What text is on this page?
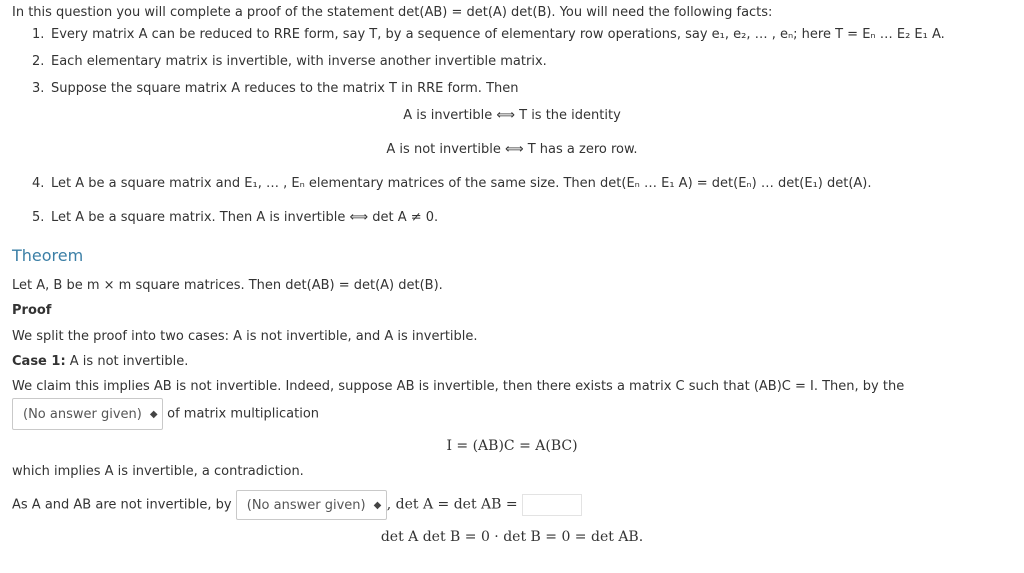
In this question you will complete a proof of the statement det(AB) = det(A) det(B). You will need the following facts:
1. Every matrix A can be reduced to RRE form, say T, by a sequence of elementary row operations, say e₁, e₂, … , eₙ; here T = Eₙ … E₂ E₁ A.
2. Each elementary matrix is invertible, with inverse another invertible matrix.
3. Suppose the square matrix A reduces to the matrix T in RRE form. Then
A is invertible ⟺ T is the identity
A is not invertible ⟺ T has a zero row.
4. Let A be a square matrix and E₁, … , Eₙ elementary matrices of the same size. Then det(Eₙ … E₁ A) = det(Eₙ) … det(E₁) det(A).
5. Let A be a square matrix. Then A is invertible ⟺ det A ≠ 0.
Theorem
Let A, B be m × m square matrices. Then det(AB) = det(A) det(B).
Proof
We split the proof into two cases: A is not invertible, and A is invertible.
Case 1: A is not invertible.
We claim this implies AB is not invertible. Indeed, suppose AB is invertible, then there exists a matrix C such that (AB)C = I. Then, by the
(No answer given) ◆ of matrix multiplication
I = (AB)C = A(BC)
which implies A is invertible, a contradiction.
As A and AB are not invertible, by (No answer given) ◆ , det A = det AB =
det A det B = 0 · det B = 0 = det AB.
